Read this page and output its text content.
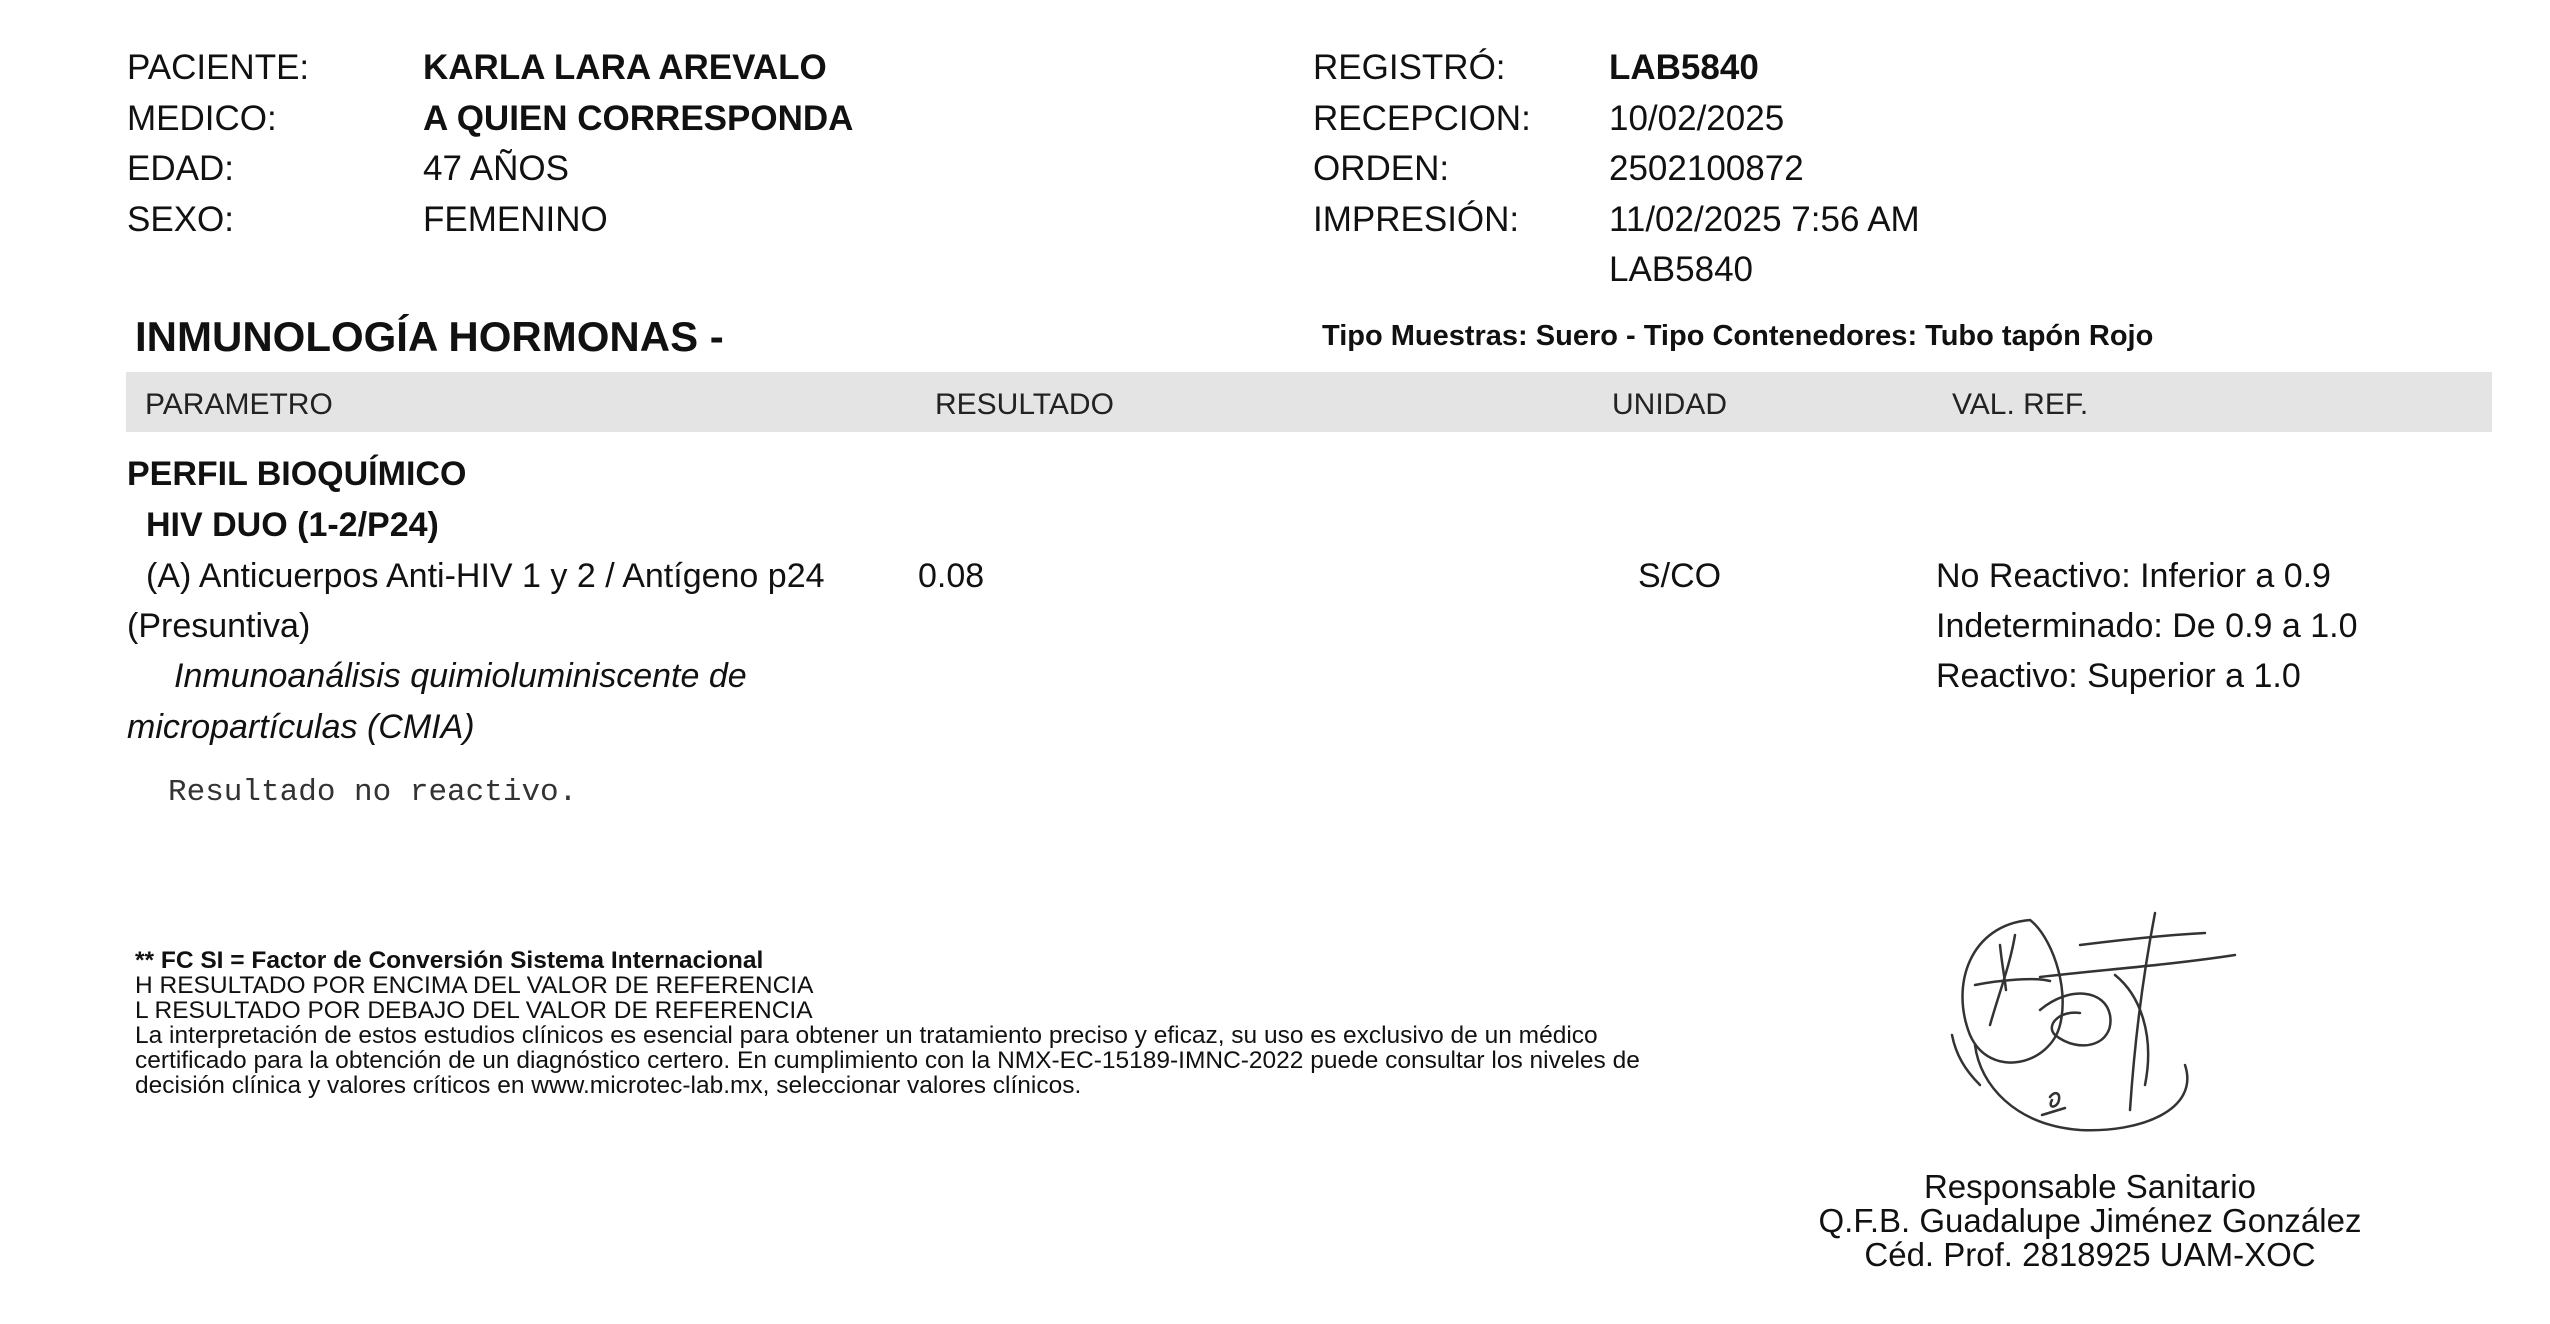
PACIENTE:	KARLA LARA AREVALO
MEDICO:	A QUIEN CORRESPONDA
EDAD:	47 AÑOS
SEXO:	FEMENINO
REGISTRÓ:	LAB5840
RECEPCION: 10/02/2025
ORDEN:	2502100872
IMPRESIÓN:	11/02/2025 7:56 AM
LAB5840
INMUNOLOGÍA HORMONAS -	Tipo Muestras: Suero - Tipo Contenedores: Tubo tapón Rojo
PARAMETRO	RESULTADO	UNIDAD	VAL. REF.
PERFIL BIOQUÍMICO
HIV DUO (1-2/P24)
(A) Anticuerpos Anti-HIV 1 y 2 / Antígeno p24
(Presuntiva)
Inmunoanálisis quimioluminiscente de
micropartículas (CMIA)
0.08	S/CO	No Reactivo: Inferior a 0.9
Indeterminado: De 0.9 a 1.0
Reactivo: Superior a 1.0
Resultado no reactivo.
** FC SI = Factor de Conversión Sistema Internacional
H RESULTADO POR ENCIMA DEL VALOR DE REFERENCIA
L RESULTADO POR DEBAJO DEL VALOR DE REFERENCIA
La interpretación de estos estudios clínicos es esencial para obtener un tratamiento preciso y eficaz, su uso es exclusivo de un médico
certificado para la obtención de un diagnóstico certero. En cumplimiento con la NMX-EC-15189-IMNC-2022 puede consultar los niveles de
decisión clínica y valores críticos en www.microtec-lab.mx, seleccionar valores clínicos.
Responsable Sanitario
Q.F.B. Guadalupe Jiménez González
Céd. Prof. 2818925 UAM-XOC
